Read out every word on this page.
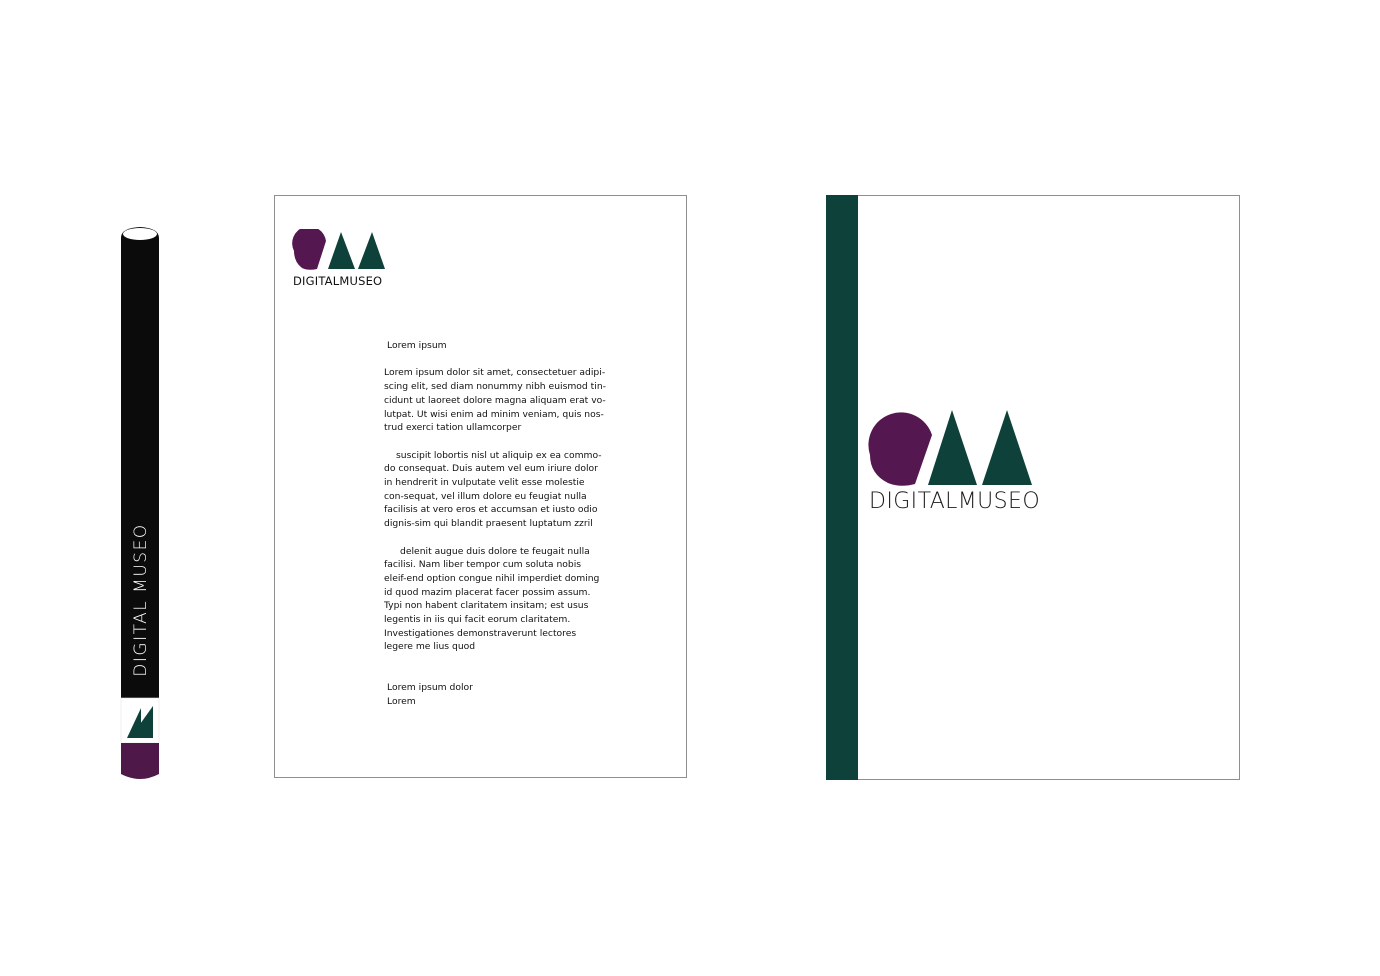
DIGITAL MUSEO
DIGITALMUSEO
Lorem ipsum

Lorem ipsum dolor sit amet, consectetuer adipi-scing elit, sed diam nonummy nibh euismod tin-cidunt ut laoreet dolore magna aliquam erat vo-lutpat. Ut wisi enim ad minim veniam, quis nos-trud exerci tation ullamcorper

suscipit lobortis nisl ut aliquip ex ea commo-do consequat. Duis autem vel eum iriure dolor in hendrerit in vulputate velit esse molestie con-sequat, vel illum dolore eu feugiat nulla facilisis at vero eros et accumsan et iusto odio dignis-sim qui blandit praesent luptatum zzril

delenit augue duis dolore te feugait nulla facilisi. Nam liber tempor cum soluta nobis eleif-end option congue nihil imperdiet doming id quod mazim placerat facer possim assum. Typi non habent claritatem insitam; est usus legentis in iis qui facit eorum claritatem. Investigationes demonstraverunt lectores legere me lius quod

Lorem ipsum dolor
Lorem
DIGITALMUSEO
